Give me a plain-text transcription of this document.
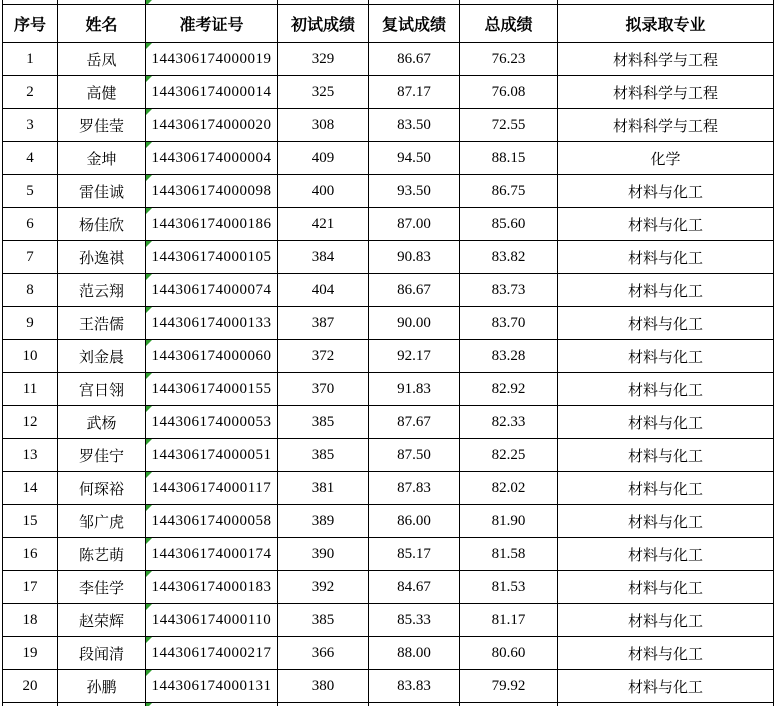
序号	姓名	准考证号	初试成绩	复试成绩	总成绩	拟录取专业
1	岳凤	144306174000019	329	86.67	76.23	材料科学与工程
2	高健	144306174000014	325	87.17	76.08	材料科学与工程
3	罗佳莹	144306174000020	308	83.50	72.55	材料科学与工程
4	金坤	144306174000004	409	94.50	88.15	化学
5	雷佳诚	144306174000098	400	93.50	86.75	材料与化工
6	杨佳欣	144306174000186	421	87.00	85.60	材料与化工
7	孙逸祺	144306174000105	384	90.83	83.82	材料与化工
8	范云翔	144306174000074	404	86.67	83.73	材料与化工
9	王浩儒	144306174000133	387	90.00	83.70	材料与化工
10	刘金晨	144306174000060	372	92.17	83.28	材料与化工
11	宫日翎	144306174000155	370	91.83	82.92	材料与化工
12	武杨	144306174000053	385	87.67	82.33	材料与化工
13	罗佳宁	144306174000051	385	87.50	82.25	材料与化工
14	何琛裕	144306174000117	381	87.83	82.02	材料与化工
15	邹广虎	144306174000058	389	86.00	81.90	材料与化工
16	陈艺萌	144306174000174	390	85.17	81.58	材料与化工
17	李佳学	144306174000183	392	84.67	81.53	材料与化工
18	赵荣辉	144306174000110	385	85.33	81.17	材料与化工
19	段闻清	144306174000217	366	88.00	80.60	材料与化工
20	孙鹏	144306174000131	380	83.83	79.92	材料与化工
